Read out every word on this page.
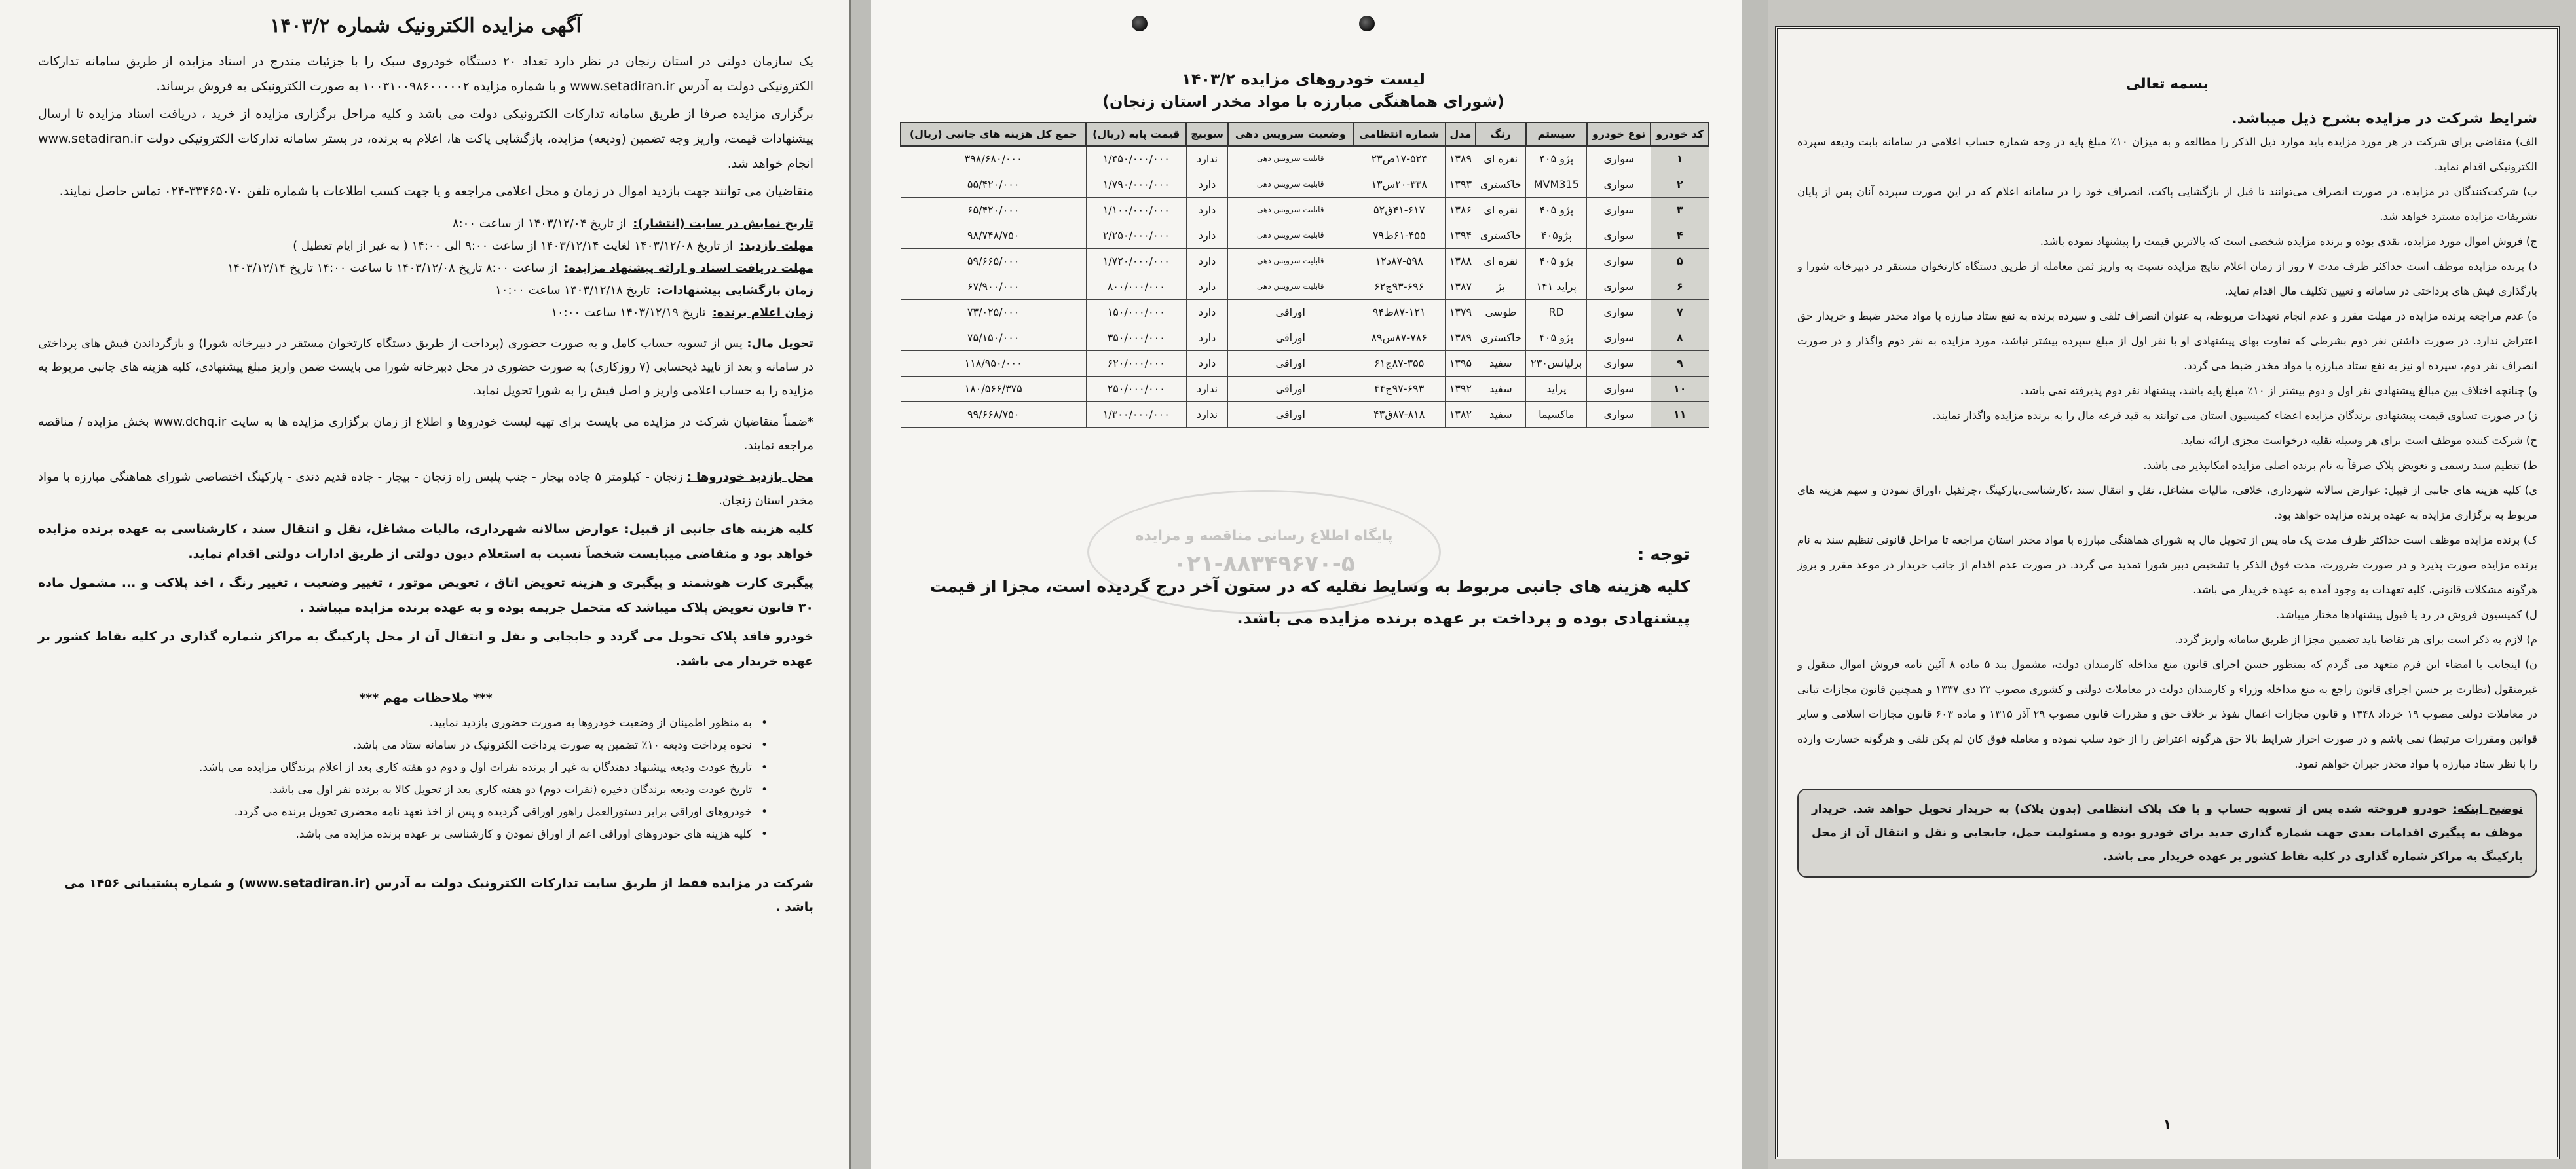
آگهی مزایده الکترونیک شماره ۱۴۰۳/۲

یک سازمان دولتی در استان زنجان در نظر دارد تعداد ۲۰ دستگاه خودروی سبک را با جزئیات مندرج در اسناد مزایده از طریق سامانه تدارکات الکترونیکی دولت به آدرس www.setadiran.ir و با شماره مزایده ۱۰۰۳۱۰۰۹۸۶۰۰۰۰۰۲ به صورت الکترونیکی به فروش برساند.

برگزاری مزایده صرفا از طریق سامانه تدارکات الکترونیکی دولت می باشد و کلیه مراحل برگزاری مزایده از خرید ، دریافت اسناد مزایده تا ارسال پیشنهادات قیمت، واریز وجه تضمین (ودیعه) مزایده، بازگشایی پاکت ها، اعلام به برنده، در بستر سامانه تدارکات الکترونیکی دولت www.setadiran.ir انجام خواهد شد.

متقاضیان می توانند جهت بازدید اموال در زمان و محل اعلامی مراجعه و یا جهت کسب اطلاعات با شماره تلفن ۳۳۴۶۵۰۷۰-۰۲۴ تماس حاصل نمایند.

تاریخ نمایش در سایت (انتشار):
از تاریخ ۱۴۰۳/۱۲/۰۴ از ساعت ۸:۰۰
مهلت بازدید:
از تاریخ ۱۴۰۳/۱۲/۰۸ لغایت ۱۴۰۳/۱۲/۱۴ از ساعت ۹:۰۰ الی ۱۴:۰۰ ( به غیر از ایام تعطیل )
مهلت دریافت اسناد و ارائه پیشنهاد مزایده:
از ساعت ۸:۰۰ تاریخ ۱۴۰۳/۱۲/۰۸ تا ساعت ۱۴:۰۰ تاریخ ۱۴۰۳/۱۲/۱۴
زمان بازگشایی پیشنهادات:
تاریخ ۱۴۰۳/۱۲/۱۸ ساعت ۱۰:۰۰
زمان اعلام برنده:
تاریخ ۱۴۰۳/۱۲/۱۹ ساعت ۱۰:۰۰

تحویل مال: پس از تسویه حساب کامل و به صورت حضوری (پرداخت از طریق دستگاه کارتخوان مستقر در دبیرخانه شورا) و بازگرداندن فیش های پرداختی در سامانه و بعد از تایید ذیحسابی (۷ روزکاری) به صورت حضوری در محل دبیرخانه شورا می بایست ضمن واریز مبلغ پیشنهادی، کلیه هزینه های جانبی مربوط به مزایده را به حساب اعلامی واریز و اصل فیش را به شورا تحویل نماید.

*ضمناً متقاضیان شرکت در مزایده می بایست برای تهیه لیست خودروها و اطلاع از زمان برگزاری مزایده ها به سایت www.dchq.ir بخش مزایده / مناقصه مراجعه نمایند.

محل بازدید خودروها : زنجان - کیلومتر ۵ جاده بیجار - جنب پلیس راه زنجان - بیجار - جاده قدیم دندی - پارکینگ اختصاصی شورای هماهنگی مبارزه با مواد مخدر استان زنجان.

کلیه هزینه های جانبی از قبیل: عوارض سالانه شهرداری، مالیات مشاغل، نقل و انتقال سند ، کارشناسی به عهده برنده مزایده خواهد بود و متقاضی میبایست شخصاً نسبت به استعلام دیون دولتی از طریق ادارات دولتی اقدام نماید.

پیگیری کارت هوشمند و پیگیری و هزینه تعویض اتاق ، تعویض موتور ، تغییر وضعیت ، تغییر رنگ ، اخذ پلاکت و ... مشمول ماده ۳۰ قانون تعویض پلاک میباشد که متحمل جریمه بوده و به عهده برنده مزایده میباشد .

خودرو فاقد پلاک تحویل می گردد و جابجایی و نقل و انتقال آن از محل پارکینگ به مراکز شماره گذاری در کلیه نقاط کشور بر عهده خریدار می باشد.

*** ملاحظات مهم ***
• به منظور اطمینان از وضعیت خودروها به صورت حضوری بازدید نمایید.
• نحوه پرداخت ودیعه ۱۰٪ تضمین به صورت پرداخت الکترونیک در سامانه ستاد می باشد.
• تاریخ عودت ودیعه پیشنهاد دهندگان به غیر از برنده نفرات اول و دوم دو هفته کاری بعد از اعلام برندگان مزایده می باشد.
• تاریخ عودت ودیعه برندگان ذخیره (نفرات دوم) دو هفته کاری بعد از تحویل کالا به برنده نفر اول می باشد.
• خودروهای اوراقی برابر دستورالعمل راهور اوراقی گردیده و پس از اخذ تعهد نامه محضری تحویل برنده می گردد.
• کلیه هزینه های خودروهای اوراقی اعم از اوراق نمودن و کارشناسی بر عهده برنده مزایده می باشد.

شرکت در مزایده فقط از طریق سایت تدارکات الکترونیک دولت به آدرس (www.setadiran.ir) و شماره پشتیبانی ۱۴۵۶ می باشد .

لیست خودروهای مزایده ۱۴۰۳/۲
(شورای هماهنگی مبارزه با مواد مخدر استان زنجان)
کد خودرو	نوع خودرو	سیستم	رنگ	مدل	شماره انتظامی	وضعیت سرویس دهی	سوییچ	قیمت پایه (ریال)	جمع کل هزینه های جانبی (ریال)
۱	سواری	پژو ۴۰۵	نقره ای	۱۳۸۹	۱۷-۵۲۴ص۲۳	قابلیت سرویس دهی	ندارد	۱/۴۵۰/۰۰۰/۰۰۰	۳۹۸/۶۸۰/۰۰۰
۲	سواری	MVM315	خاکستری	۱۳۹۳	۲۰-۳۳۸س۱۳	قابلیت سرویس دهی	دارد	۱/۷۹۰/۰۰۰/۰۰۰	۵۵/۴۲۰/۰۰۰
۳	سواری	پژو ۴۰۵	نقره ای	۱۳۸۶	۴۱-۶۱۷ق۵۲	قابلیت سرویس دهی	دارد	۱/۱۰۰/۰۰۰/۰۰۰	۶۵/۴۲۰/۰۰۰
۴	سواری	پژو۴۰۵	خاکستری	۱۳۹۴	۶۱-۴۵۵ط۷۹	قابلیت سرویس دهی	دارد	۲/۲۵۰/۰۰۰/۰۰۰	۹۸/۷۴۸/۷۵۰
۵	سواری	پژو ۴۰۵	نقره ای	۱۳۸۸	۸۷-۵۹۸د۱۲	قابلیت سرویس دهی	دارد	۱/۷۲۰/۰۰۰/۰۰۰	۵۹/۶۶۵/۰۰۰
۶	سواری	پراید ۱۴۱	بژ	۱۳۸۷	۹۳-۶۹۶ج۶۲	قابلیت سرویس دهی	دارد	۸۰۰/۰۰۰/۰۰۰	۶۷/۹۰۰/۰۰۰
۷	سواری	RD	طوسی	۱۳۷۹	۸۷-۱۲۱ط۹۴	اوراقی	دارد	۱۵۰/۰۰۰/۰۰۰	۷۳/۰۲۵/۰۰۰
۸	سواری	پژو ۴۰۵	خاکستری	۱۳۸۹	۸۷-۷۸۶س۸۹	اوراقی	دارد	۳۵۰/۰۰۰/۰۰۰	۷۵/۱۵۰/۰۰۰
۹	سواری	برلیانس۲۳۰	سفید	۱۳۹۵	۸۷-۳۵۵ج۶۱	اوراقی	دارد	۶۲۰/۰۰۰/۰۰۰	۱۱۸/۹۵۰/۰۰۰
۱۰	سواری	پراید	سفید	۱۳۹۲	۹۷-۶۹۳ج۴۴	اوراقی	ندارد	۲۵۰/۰۰۰/۰۰۰	۱۸۰/۵۶۶/۳۷۵
۱۱	سواری	ماکسیما	سفید	۱۳۸۲	۸۷-۸۱۸ق۴۳	اوراقی	ندارد	۱/۳۰۰/۰۰۰/۰۰۰	۹۹/۶۶۸/۷۵۰
پایگاه اطلاع رسانی مناقصه و مزایده
۰۲۱-۸۸۳۴۹۶۷۰-۵	توجه :
کلیه هزینه های جانبی مربوط به وسایط نقلیه که در ستون آخر درج گردیده است، مجزا از قیمت پیشنهادی بوده و پرداخت بر عهده برنده مزایده می باشد.
بسمه تعالی
شرایط شرکت در مزایده بشرح ذیل میباشد.

الف) متقاضی برای شرکت در هر مورد مزایده باید موارد ذیل الذکر را مطالعه و به میزان ۱۰٪ مبلغ پایه در وجه شماره حساب اعلامی در سامانه بابت ودیعه سپرده الکترونیکی اقدام نماید.

ب) شرکت‌کنندگان در مزایده، در صورت انصراف می‌توانند تا قبل از بازگشایی پاکت، انصراف خود را در سامانه اعلام که در این صورت سپرده آنان پس از پایان تشریفات مزایده مسترد خواهد شد.

ج) فروش اموال مورد مزایده، نقدی بوده و برنده مزایده شخصی است که بالاترین قیمت را پیشنهاد نموده باشد.

د) برنده مزایده موظف است حداکثر ظرف مدت ۷ روز از زمان اعلام نتایج مزایده نسبت به واریز ثمن معامله از طریق دستگاه کارتخوان مستقر در دبیرخانه شورا و بارگذاری فیش های پرداختی در سامانه و تعیین تکلیف مال اقدام نماید.

ه) عدم مراجعه برنده مزایده در مهلت مقرر و عدم انجام تعهدات مربوطه، به عنوان انصراف تلقی و سپرده برنده به نفع ستاد مبارزه با مواد مخدر ضبط و خریدار حق اعتراض ندارد. در صورت داشتن نفر دوم بشرطی که تفاوت بهای پیشنهادی او با نفر اول از مبلغ سپرده بیشتر نباشد، مورد مزایده به نفر دوم واگذار و در صورت انصراف نفر دوم، سپرده او نیز به نفع ستاد مبارزه با مواد مخدر ضبط می گردد.

و) چنانچه اختلاف بین مبالغ پیشنهادی نفر اول و دوم بیشتر از ۱۰٪ مبلغ پایه باشد، پیشنهاد نفر دوم پذیرفته نمی باشد.

ز) در صورت تساوی قیمت پیشنهادی برندگان مزایده اعضاء کمیسیون استان می توانند به قید قرعه مال را به برنده مزایده واگذار نمایند.

ح) شرکت کننده موظف است برای هر وسیله نقلیه درخواست مجزی ارائه نماید.

ط) تنظیم سند رسمی و تعویض پلاک صرفاً به نام برنده اصلی مزایده امکانپذیر می باشد.

ی) کلیه هزینه های جانبی از قبیل: عوارض سالانه شهرداری، خلافی، مالیات مشاغل، نقل و انتقال سند ،کارشناسی،پارکینگ ،جرثقیل ،اوراق نمودن و سهم هزینه های مربوط به برگزاری مزایده به عهده برنده مزایده خواهد بود.

ک) برنده مزایده موظف است حداکثر ظرف مدت یک ماه پس از تحویل مال به شورای هماهنگی مبارزه با مواد مخدر استان مراجعه تا مراحل قانونی تنظیم سند به نام برنده مزایده صورت پذیرد و در صورت ضرورت، مدت فوق الذکر با تشخیص دبیر شورا تمدید می گردد. در صورت عدم اقدام از جانب خریدار در موعد مقرر و بروز هرگونه مشکلات قانونی، کلیه تعهدات به وجود آمده به عهده خریدار می باشد.

ل) کمیسیون فروش در رد یا قبول پیشنهادها مختار میباشد.

م) لازم به ذکر است برای هر تقاضا باید تضمین مجزا از طریق سامانه واریز گردد.

ن) اینجانب با امضاء این فرم متعهد می گردم که بمنظور حسن اجرای قانون منع مداخله کارمندان دولت، مشمول بند ۵ ماده ۸ آئین نامه فروش اموال منقول و غیرمنقول (نظارت بر حسن اجرای قانون راجع به منع مداخله وزراء و کارمندان دولت در معاملات دولتی و کشوری مصوب ۲۲ دی ۱۳۳۷ و همچنین قانون مجازات تبانی در معاملات دولتی مصوب ۱۹ خرداد ۱۳۴۸ و قانون مجازات اعمال نفوذ بر خلاف حق و مقررات قانون مصوب ۲۹ آذر ۱۳۱۵ و ماده ۶۰۳ قانون مجازات اسلامی و سایر قوانین ومقررات مرتبط) نمی باشم و در صورت احراز شرایط بالا حق هرگونه اعتراض را از خود سلب نموده و معامله فوق کان لم یکن تلقی و هرگونه خسارت وارده را با نظر ستاد مبارزه با مواد مخدر جبران خواهم نمود.

توضیح اینکه: خودرو فروخته شده پس از تسویه حساب و با فک پلاک انتظامی (بدون پلاک) به خریدار تحویل خواهد شد. خریدار موظف به پیگیری اقدامات بعدی جهت شماره گذاری جدید برای خودرو بوده و مسئولیت حمل، جابجایی و نقل و انتقال آن از محل پارکینگ به مراکز شماره گذاری در کلیه نقاط کشور بر عهده خریدار می باشد.
۱
